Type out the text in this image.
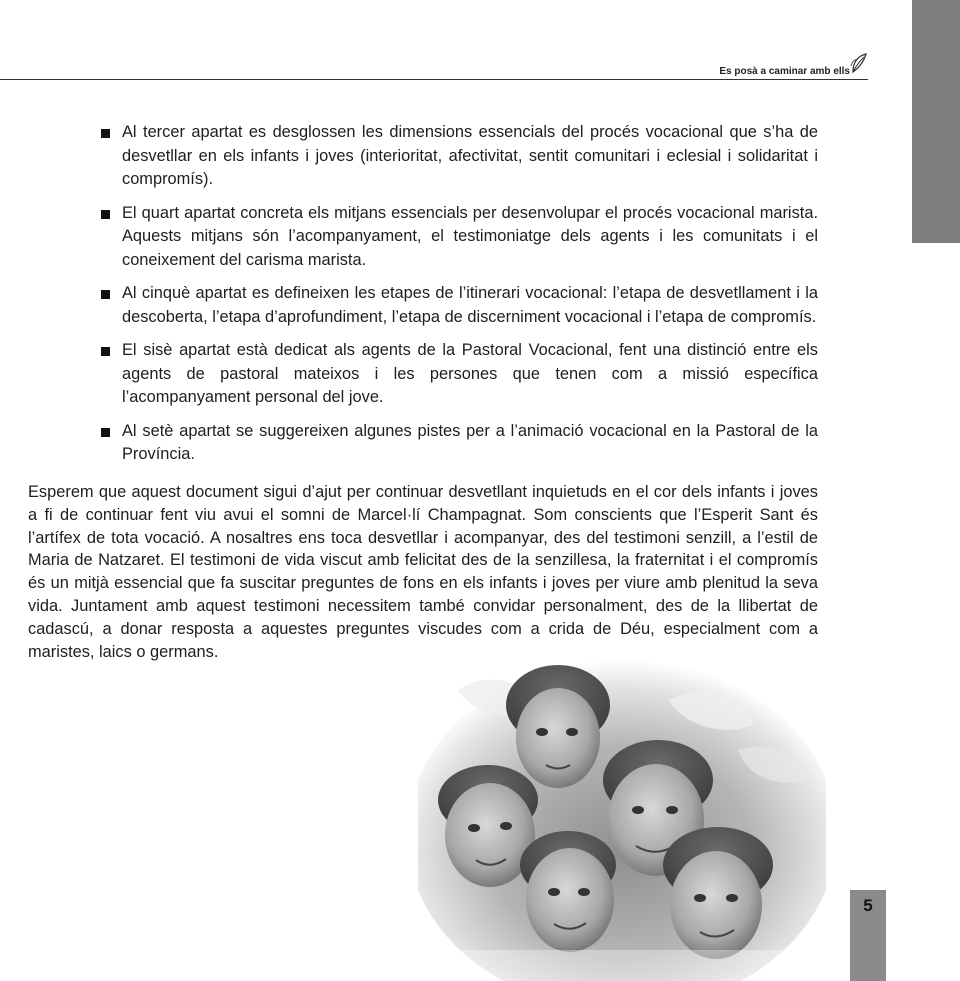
Es posà a caminar amb ells
Al tercer apartat es desglossen les dimensions essencials del procés vocacional que s’ha de desvetllar en els infants i joves (interioritat, afectivitat, sentit comunitari i eclesial i solidaritat i compromís).
El quart apartat concreta els mitjans essencials per desenvolupar el procés vocacional marista. Aquests mitjans són l’acompanyament, el testimoniatge dels agents i les comunitats i el coneixement del carisma marista.
Al cinquè apartat es defineixen les etapes de l’itinerari vocacional: l’etapa de desvetllament i la descoberta, l’etapa d’aprofundiment, l’etapa de discerniment vocacional i l’etapa de compromís.
El sisè apartat està dedicat als agents de la Pastoral Vocacional, fent una distinció entre els agents de pastoral mateixos i les persones que tenen com a missió específica l’acompanyament personal del jove.
Al setè apartat se suggereixen algunes pistes per a l’animació vocacional en la Pastoral de la Província.

Esperem que aquest document sigui d’ajut per continuar desvetllant inquietuds en el cor dels infants i joves a fi de continuar fent viu avui el somni de Marcel·lí Champagnat. Som conscients que l’Esperit Sant és l’artífex de tota vocació. A nosaltres ens toca desvetllar i acompanyar, des del testimoni senzill, a l’estil de Maria de Natzaret. El testimoni de vida viscut amb felicitat des de la senzillesa, la fraternitat i el compromís és un mitjà essencial que fa suscitar preguntes de fons en els infants i joves per viure amb plenitud la seva vida. Juntament amb aquest testimoni necessitem també convidar personalment, des de la llibertat de cadascú, a donar resposta a aquestes preguntes viscudes com a crida de Déu, especialment com a maristes, laics o germans.

5
